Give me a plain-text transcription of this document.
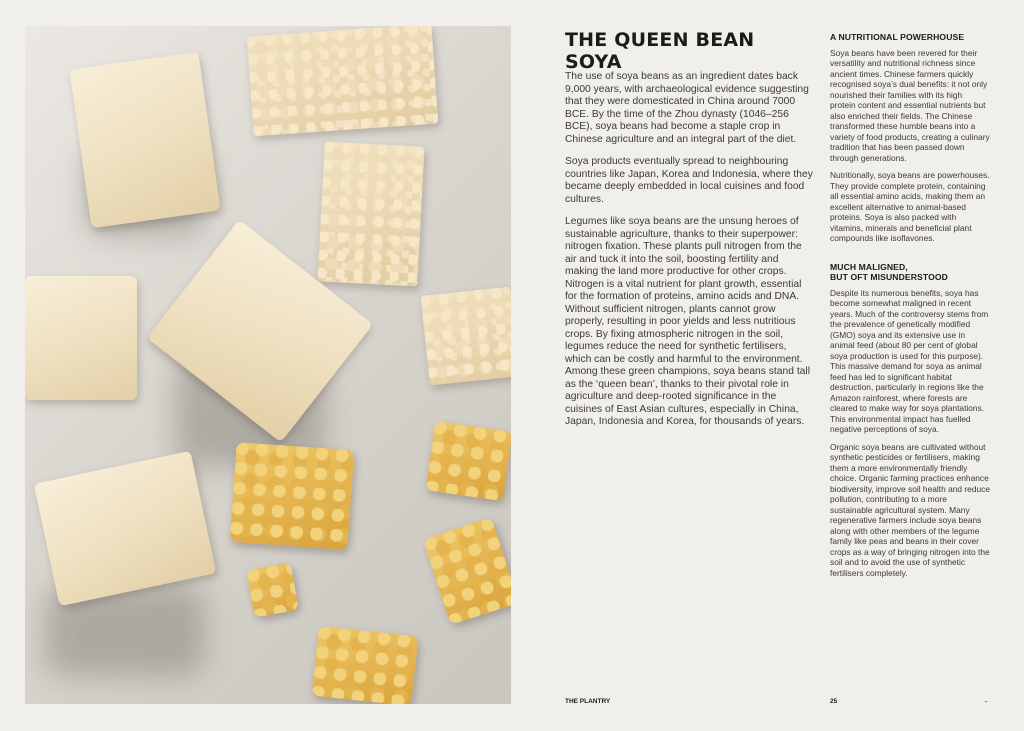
THE QUEEN BEAN SOYA

The use of soya beans as an ingredient dates back 9,000 years, with archaeological evidence suggesting that they were domesticated in China around 7000 BCE. By the time of the Zhou dynasty (1046–256 BCE), soya beans had become a staple crop in Chinese agriculture and an integral part of the diet.

Soya products eventually spread to neighbouring countries like Japan, Korea and Indonesia, where they became deeply embedded in local cuisines and food cultures.

Legumes like soya beans are the unsung heroes of sustainable agriculture, thanks to their superpower: nitrogen fixation. These plants pull nitrogen from the air and tuck it into the soil, boosting fertility and making the land more productive for other crops. Nitrogen is a vital nutrient for plant growth, essential for the formation of proteins, amino acids and DNA. Without sufficient nitrogen, plants cannot grow properly, resulting in poor yields and less nutritious crops. By fixing atmospheric nitrogen in the soil, legumes reduce the need for synthetic fertilisers, which can be costly and harmful to the environment. Among these green champions, soya beans stand tall as the ‘queen bean’, thanks to their pivotal role in agriculture and deep-rooted significance in the cuisines of East Asian cultures, especially in China, Japan, Indonesia and Korea, for thousands of years.

A NUTRITIONAL POWERHOUSE

Soya beans have been revered for their versatility and nutritional richness since ancient times. Chinese farmers quickly recognised soya’s dual benefits: it not only nourished their families with its high protein content and essential nutrients but also enriched their fields. The Chinese transformed these humble beans into a variety of food products, creating a culinary tradition that has been passed down through generations.

Nutritionally, soya beans are powerhouses. They provide complete protein, containing all essential amino acids, making them an excellent alternative to animal-based proteins. Soya is also packed with vitamins, minerals and beneficial plant compounds like isoflavones.

MUCH MALIGNED,
BUT OFT MISUNDERSTOOD

Despite its numerous benefits, soya has become somewhat maligned in recent years. Much of the controversy stems from the prevalence of genetically modified (GMO) soya and its extensive use in animal feed (about 80 per cent of global soya production is used for this purpose). This massive demand for soya as animal feed has led to significant habitat destruction, particularly in regions like the Amazon rainforest, where forests are cleared to make way for soya plantations. This environmental impact has fuelled negative perceptions of soya.

Organic soya beans are cultivated without synthetic pesticides or fertilisers, making them a more environmentally friendly choice. Organic farming practices enhance biodiversity, improve soil health and reduce pollution, contributing to a more sustainable agricultural system. Many regenerative farmers include soya beans along with other members of the legume family like peas and beans in their cover crops as a way of bringing nitrogen into the soil and to avoid the use of synthetic fertilisers completely.

THE PLANTRY	25	→
